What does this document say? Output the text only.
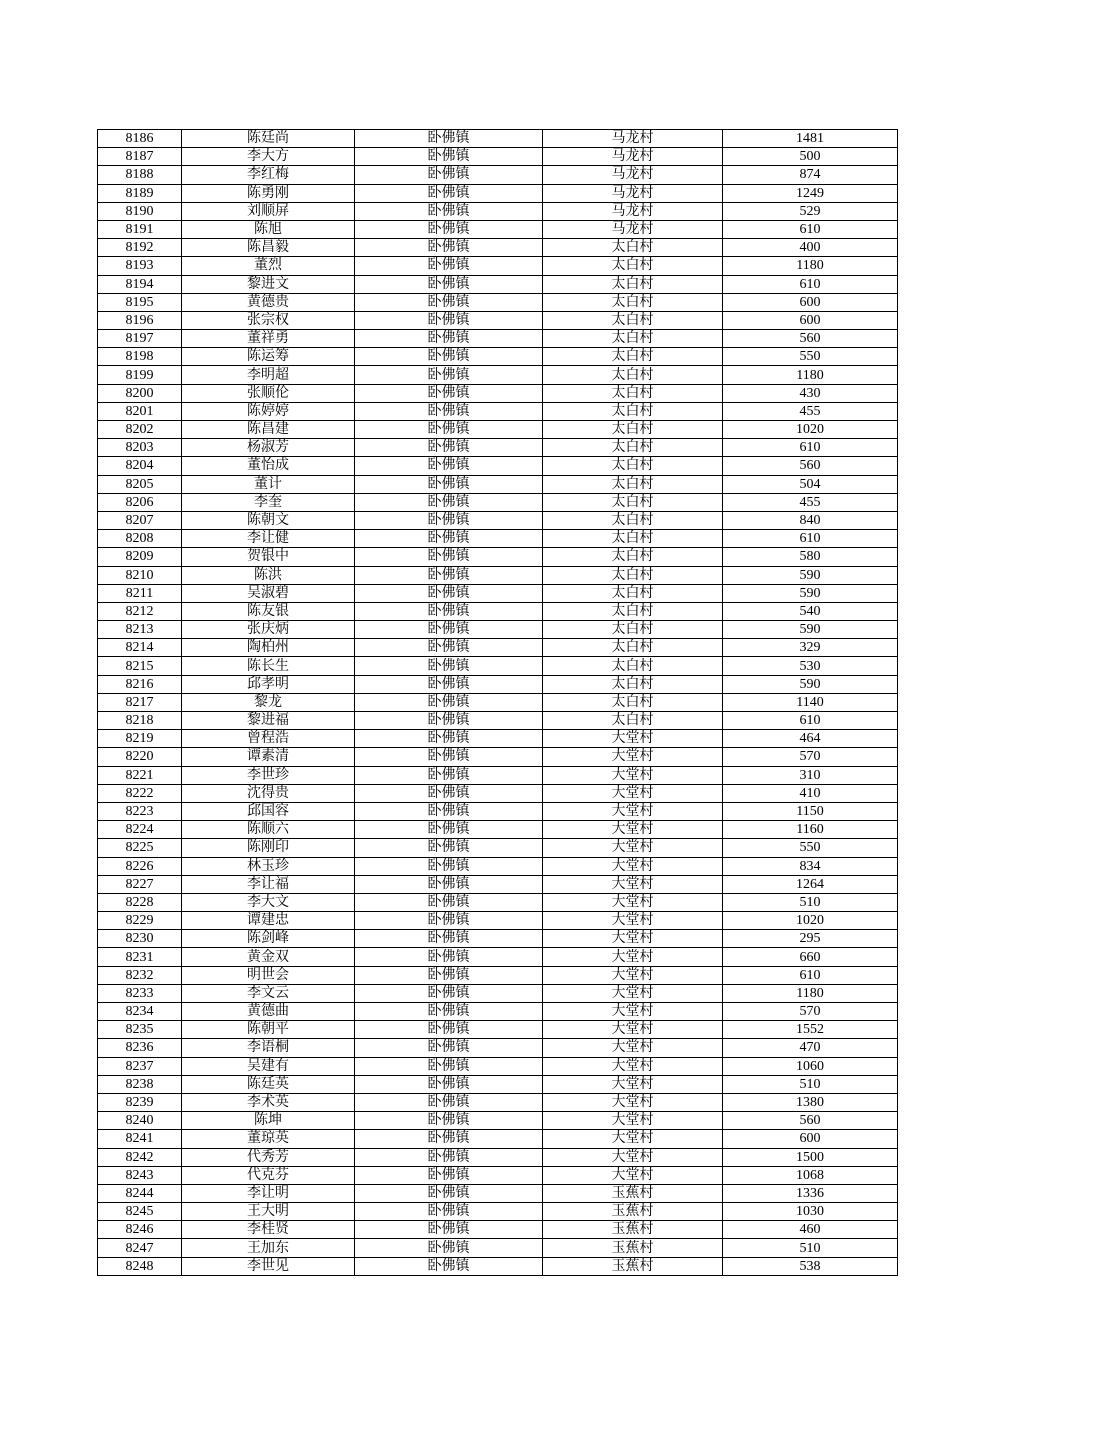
8186	陈廷尚	卧佛镇	马龙村	1481
8187	李大方	卧佛镇	马龙村	500
8188	李红梅	卧佛镇	马龙村	874
8189	陈勇刚	卧佛镇	马龙村	1249
8190	刘顺屏	卧佛镇	马龙村	529
8191	陈旭	卧佛镇	马龙村	610
8192	陈昌毅	卧佛镇	太白村	400
8193	董烈	卧佛镇	太白村	1180
8194	黎进文	卧佛镇	太白村	610
8195	黄德贵	卧佛镇	太白村	600
8196	张宗权	卧佛镇	太白村	600
8197	董祥勇	卧佛镇	太白村	560
8198	陈运筹	卧佛镇	太白村	550
8199	李明超	卧佛镇	太白村	1180
8200	张顺伦	卧佛镇	太白村	430
8201	陈婷婷	卧佛镇	太白村	455
8202	陈昌建	卧佛镇	太白村	1020
8203	杨淑芳	卧佛镇	太白村	610
8204	董怡成	卧佛镇	太白村	560
8205	董计	卧佛镇	太白村	504
8206	李奎	卧佛镇	太白村	455
8207	陈朝文	卧佛镇	太白村	840
8208	李让健	卧佛镇	太白村	610
8209	贺银中	卧佛镇	太白村	580
8210	陈洪	卧佛镇	太白村	590
8211	吴淑碧	卧佛镇	太白村	590
8212	陈友银	卧佛镇	太白村	540
8213	张庆炳	卧佛镇	太白村	590
8214	陶柏州	卧佛镇	太白村	329
8215	陈长生	卧佛镇	太白村	530
8216	邱孝明	卧佛镇	太白村	590
8217	黎龙	卧佛镇	太白村	1140
8218	黎进福	卧佛镇	太白村	610
8219	曾程浩	卧佛镇	大堂村	464
8220	谭素清	卧佛镇	大堂村	570
8221	李世珍	卧佛镇	大堂村	310
8222	沈得贵	卧佛镇	大堂村	410
8223	邱国容	卧佛镇	大堂村	1150
8224	陈顺六	卧佛镇	大堂村	1160
8225	陈刚印	卧佛镇	大堂村	550
8226	林玉珍	卧佛镇	大堂村	834
8227	李让福	卧佛镇	大堂村	1264
8228	李大文	卧佛镇	大堂村	510
8229	谭建忠	卧佛镇	大堂村	1020
8230	陈剑峰	卧佛镇	大堂村	295
8231	黄金双	卧佛镇	大堂村	660
8232	明世会	卧佛镇	大堂村	610
8233	李文云	卧佛镇	大堂村	1180
8234	黄德曲	卧佛镇	大堂村	570
8235	陈朝平	卧佛镇	大堂村	1552
8236	李语桐	卧佛镇	大堂村	470
8237	吴建有	卧佛镇	大堂村	1060
8238	陈廷英	卧佛镇	大堂村	510
8239	李术英	卧佛镇	大堂村	1380
8240	陈坤	卧佛镇	大堂村	560
8241	董琼英	卧佛镇	大堂村	600
8242	代秀芳	卧佛镇	大堂村	1500
8243	代克芬	卧佛镇	大堂村	1068
8244	李让明	卧佛镇	玉蕉村	1336
8245	王大明	卧佛镇	玉蕉村	1030
8246	李桂贤	卧佛镇	玉蕉村	460
8247	王加东	卧佛镇	玉蕉村	510
8248	李世见	卧佛镇	玉蕉村	538
